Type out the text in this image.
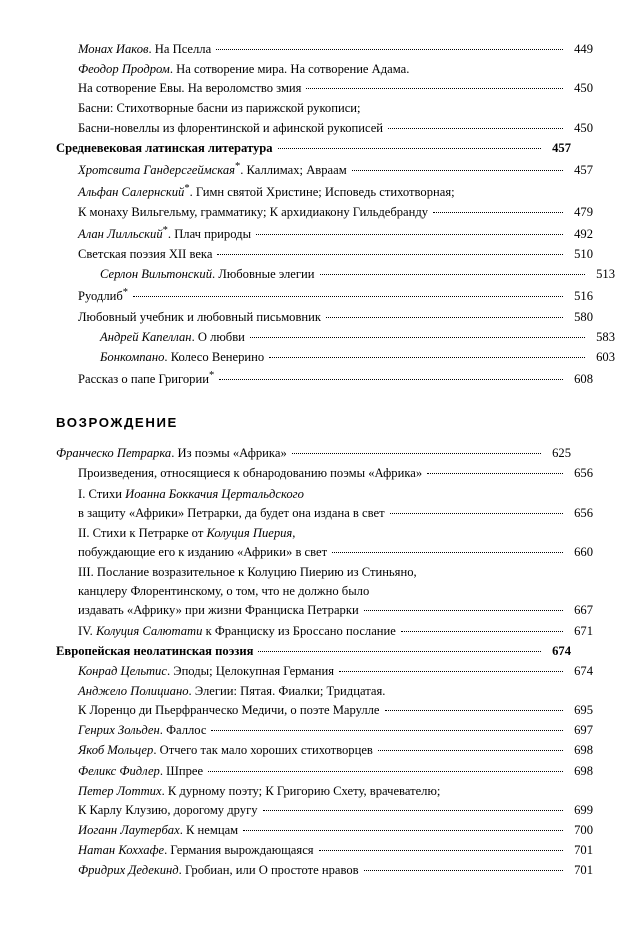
Монах Иаков. На Пселла	449
Феодор Продром. На сотворение мира. На сотворение Адама.
На сотворение Евы. На вероломство змия	450
Басни: Стихотворные басни из парижской рукописи;
Басни-новеллы из флорентинской и афинской рукописей	450
Средневековая латинская литература	457
Хротсвита Гандерсгеймская*. Каллимах; Авраам	457
Альфан Салернский*. Гимн святой Христине; Исповедь стихотворная;
К монаху Вильгельму, грамматику; К архидиакону Гильдебранду	479
Алан Лилльский*. Плач природы	492
Светская поэзия XII века	510
Серлон Вильтонский. Любовные элегии	513
Руодлиб*	516
Любовный учебник и любовный письмовник	580
Андрей Капеллан. О любви	583
Бонкомпано. Колесо Венерино	603
Рассказ о папе Григории*	608
ВОЗРОЖДЕНИЕ
Франческо Петрарка. Из поэмы «Африка»	625
Произведения, относящиеся к обнародованию поэмы «Африка»	656
I. Стихи Иоанна Боккачия Цертальдского
в защиту «Африки» Петрарки, да будет она издана в свет	656
II. Стихи к Петрарке от Колуция Пиерия,
побуждающие его к изданию «Африки» в свет	660
III. Послание возразительное к Колуцию Пиерию из Стиньяно,
канцлеру Флорентинскому, о том, что не должно было
издавать «Африку» при жизни Франциска Петрарки	667
IV. Колуция Салютати к Франциску из Броссано послание	671
Европейская неолатинская поэзия	674
Конрад Цельтис. Эподы; Целокупная Германия	674
Анджело Полициано. Элегии: Пятая. Фиалки; Тридцатая.
К Лоренцо ди Пьерфранческо Медичи, о поэте Марулле	695
Генрих Зольден. Фаллос	697
Якоб Мольцер. Отчего так мало хороших стихотворцев	698
Феликс Фидлер. Шпрее	698
Петер Лоттих. К дурному поэту; К Григорию Схету, врачевателю;
К Карлу Клузию, дорогому другу	699
Иоганн Лаутербах. К немцам	700
Натан Коххафе. Германия вырождающаяся	701
Фридрих Дедекинд. Гробиан, или О простоте нравов	701
